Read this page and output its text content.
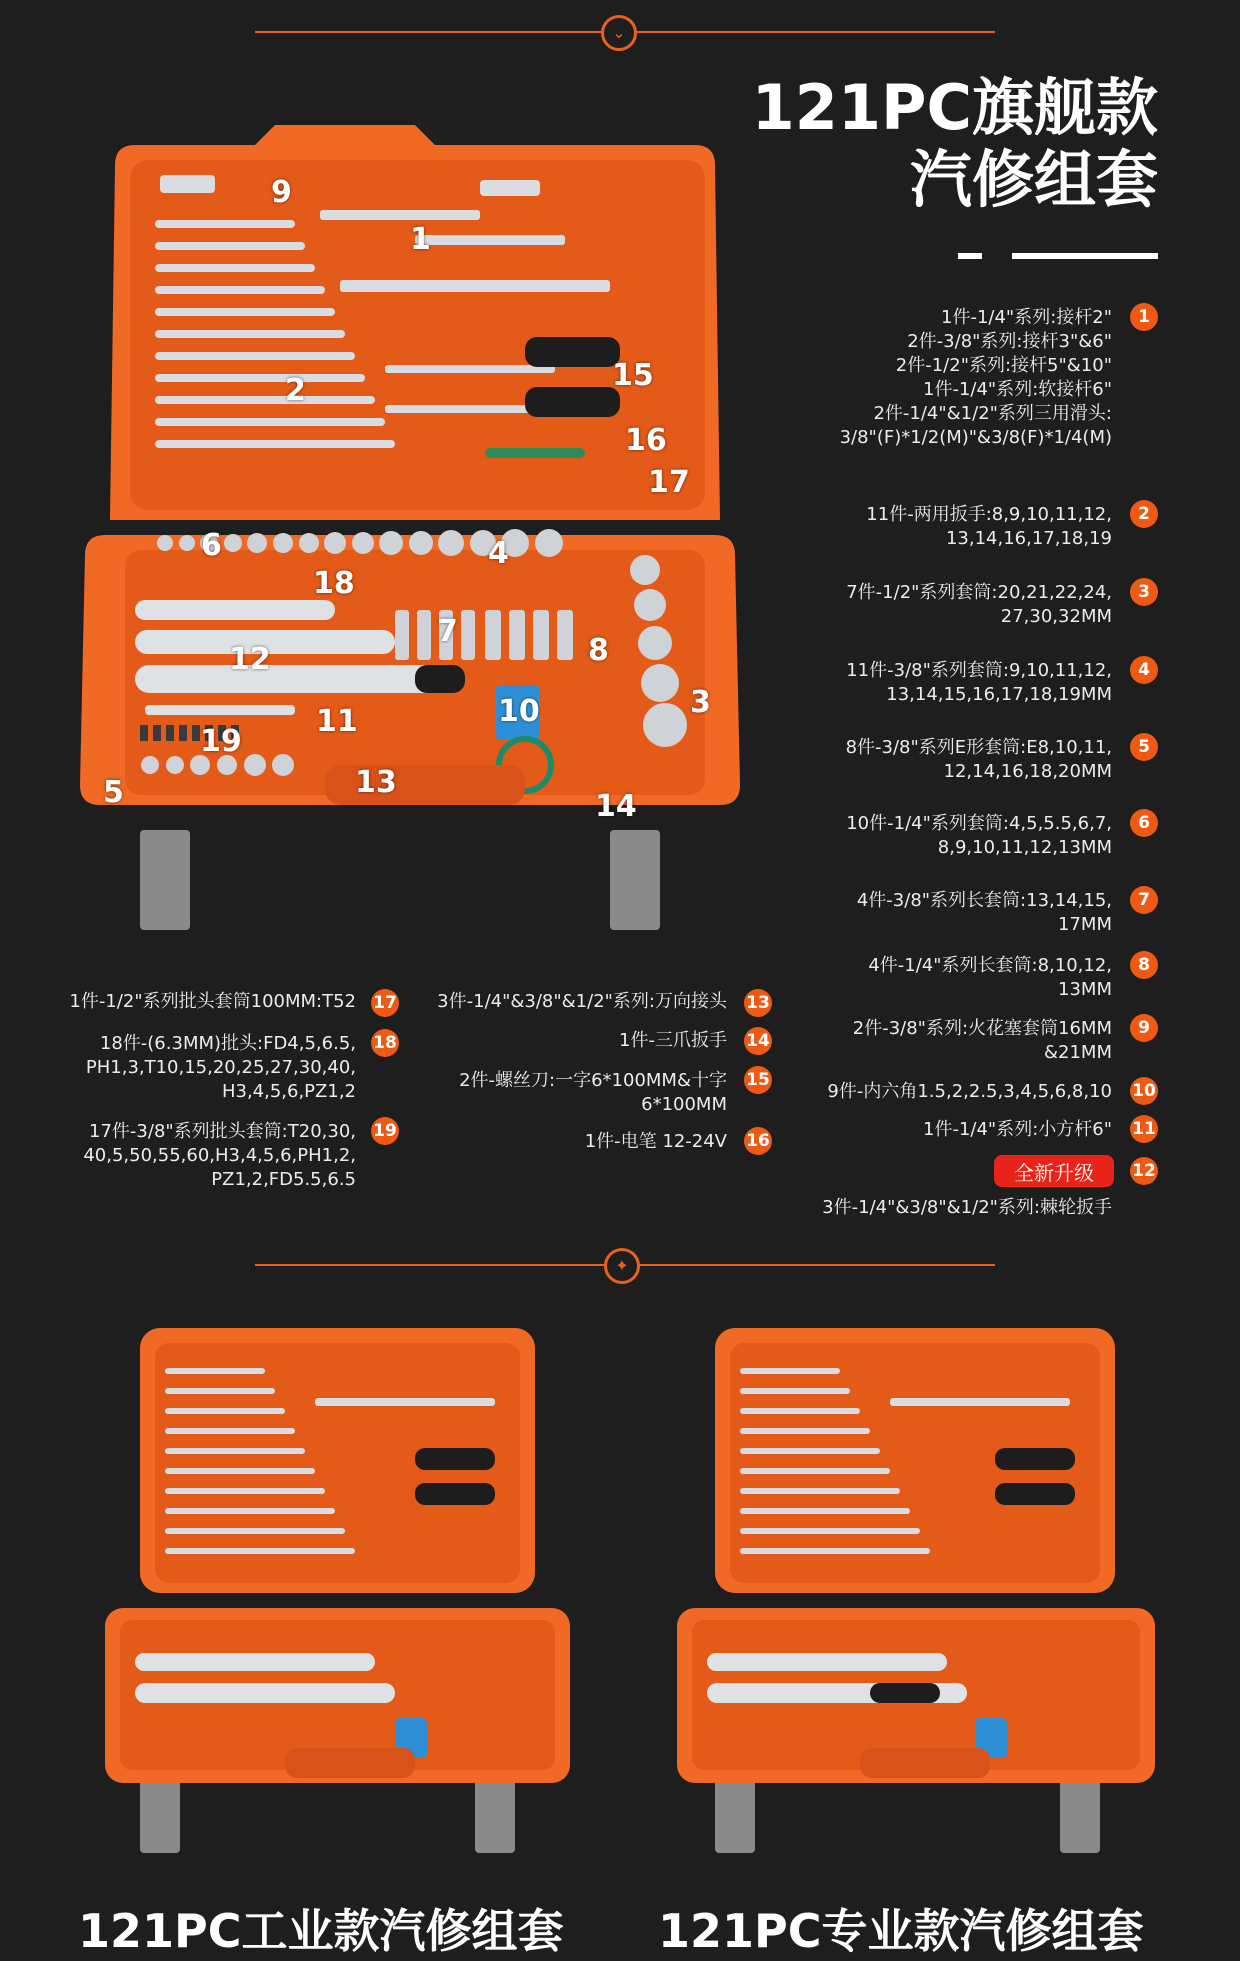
⌄
121PC旗舰款
汽修组套
1
2
3
4
5
6
7
8
9
10
11
12
13
14
15
16
17
18
19
1件-1/4"系列:接杆2"
2件-3/8"系列:接杆3"&6"
2件-1/2"系列:接杆5"&10"
1件-1/4"系列:软接杆6"
2件-1/4"&1/2"系列三用滑头:
3/8"(F)*1/2(M)"&3/8(F)*1/4(M)
1
11件-两用扳手:8,9,10,11,12,
13,14,16,17,18,19
2
7件-1/2"系列套筒:20,21,22,24,
27,30,32MM
3
11件-3/8"系列套筒:9,10,11,12,
13,14,15,16,17,18,19MM
4
8件-3/8"系列E形套筒:E8,10,11,
12,14,16,18,20MM
5
10件-1/4"系列套筒:4,5,5.5,6,7,
8,9,10,11,12,13MM
6
4件-3/8"系列长套筒:13,14,15,
17MM
7
4件-1/4"系列长套筒:8,10,12,
13MM
8
2件-3/8"系列:火花塞套筒16MM
&21MM
9
9件-内六角1.5,2,2.5,3,4,5,6,8,10 10
1件-1/4"系列:小方杆6" 11
全新升级	12
3件-1/4"&3/8"&1/2"系列:棘轮扳手
1件-1/2"系列批头套筒100MM:T52 17
18件-(6.3MM)批头:FD4,5,6.5,
PH1,3,T10,15,20,25,27,30,40,
H3,4,5,6,PZ1,2
18
17件-3/8"系列批头套筒:T20,30,
40,5,50,55,60,H3,4,5,6,PH1,2,
PZ1,2,FD5.5,6.5
19
3件-1/4"&3/8"&1/2"系列:万向接头 13
1件-三爪扳手 14
2件-螺丝刀:一字6*100MM&十字
6*100MM
15
1件-电笔 12-24V 16
✦
121PC工业款汽修组套 121PC专业款汽修组套
